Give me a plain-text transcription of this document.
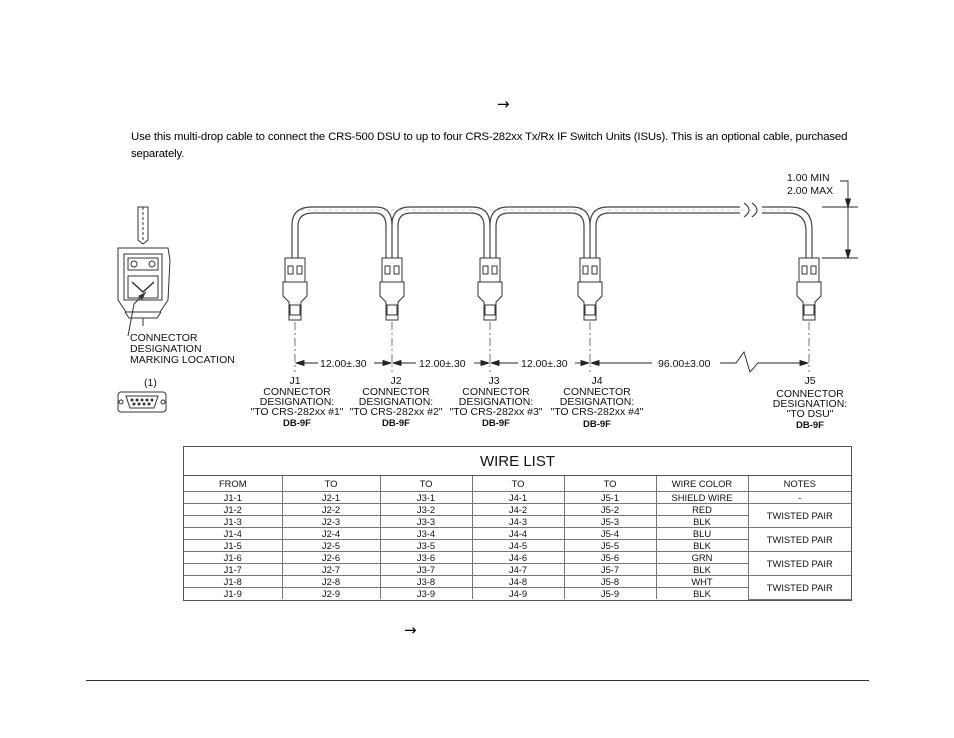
→
Use this multi-drop cable to connect the CRS-500 DSU to up to four CRS-282xx Tx/Rx IF Switch Units (ISUs). This is an optional cable, purchased separately.
CONNECTOR
DESIGNATION
MARKING LOCATION
(1)
12.00±.30	12.00±.30	12.00±.30	96.00±3.00
1.00 MIN
2.00 MAX
J1
CONNECTOR
DESIGNATION:
"TO CRS-282xx #1"
DB-9F
J2
CONNECTOR
DESIGNATION:
"TO CRS-282xx #2"
DB-9F
J3
CONNECTOR
DESIGNATION:
"TO CRS-282xx #3"
DB-9F
J4
CONNECTOR
DESIGNATION:
"TO CRS-282xx #4"
DB-9F
J5
CONNECTOR
DESIGNATION:
"TO DSU"
DB-9F
WIRE LIST
FROM	TO	TO	TO	TO	WIRE COLOR	NOTES
J1-1	J2-1	J3-1	J4-1	J5-1	SHIELD WIRE	-
J1-2	J2-2	J3-2	J4-2	J5-2	RED	TWISTED PAIR
J1-3	J2-3	J3-3	J4-3	J5-3	BLK	
J1-4	J2-4	J3-4	J4-4	J5-4	BLU	TWISTED PAIR
J1-5	J2-5	J3-5	J4-5	J5-5	BLK	
J1-6	J2-6	J3-6	J4-6	J5-6	GRN	TWISTED PAIR
J1-7	J2-7	J3-7	J4-7	J5-7	BLK	
J1-8	J2-8	J3-8	J4-8	J5-8	WHT	TWISTED PAIR
J1-9	J2-9	J3-9	J4-9	J5-9	BLK	
→
